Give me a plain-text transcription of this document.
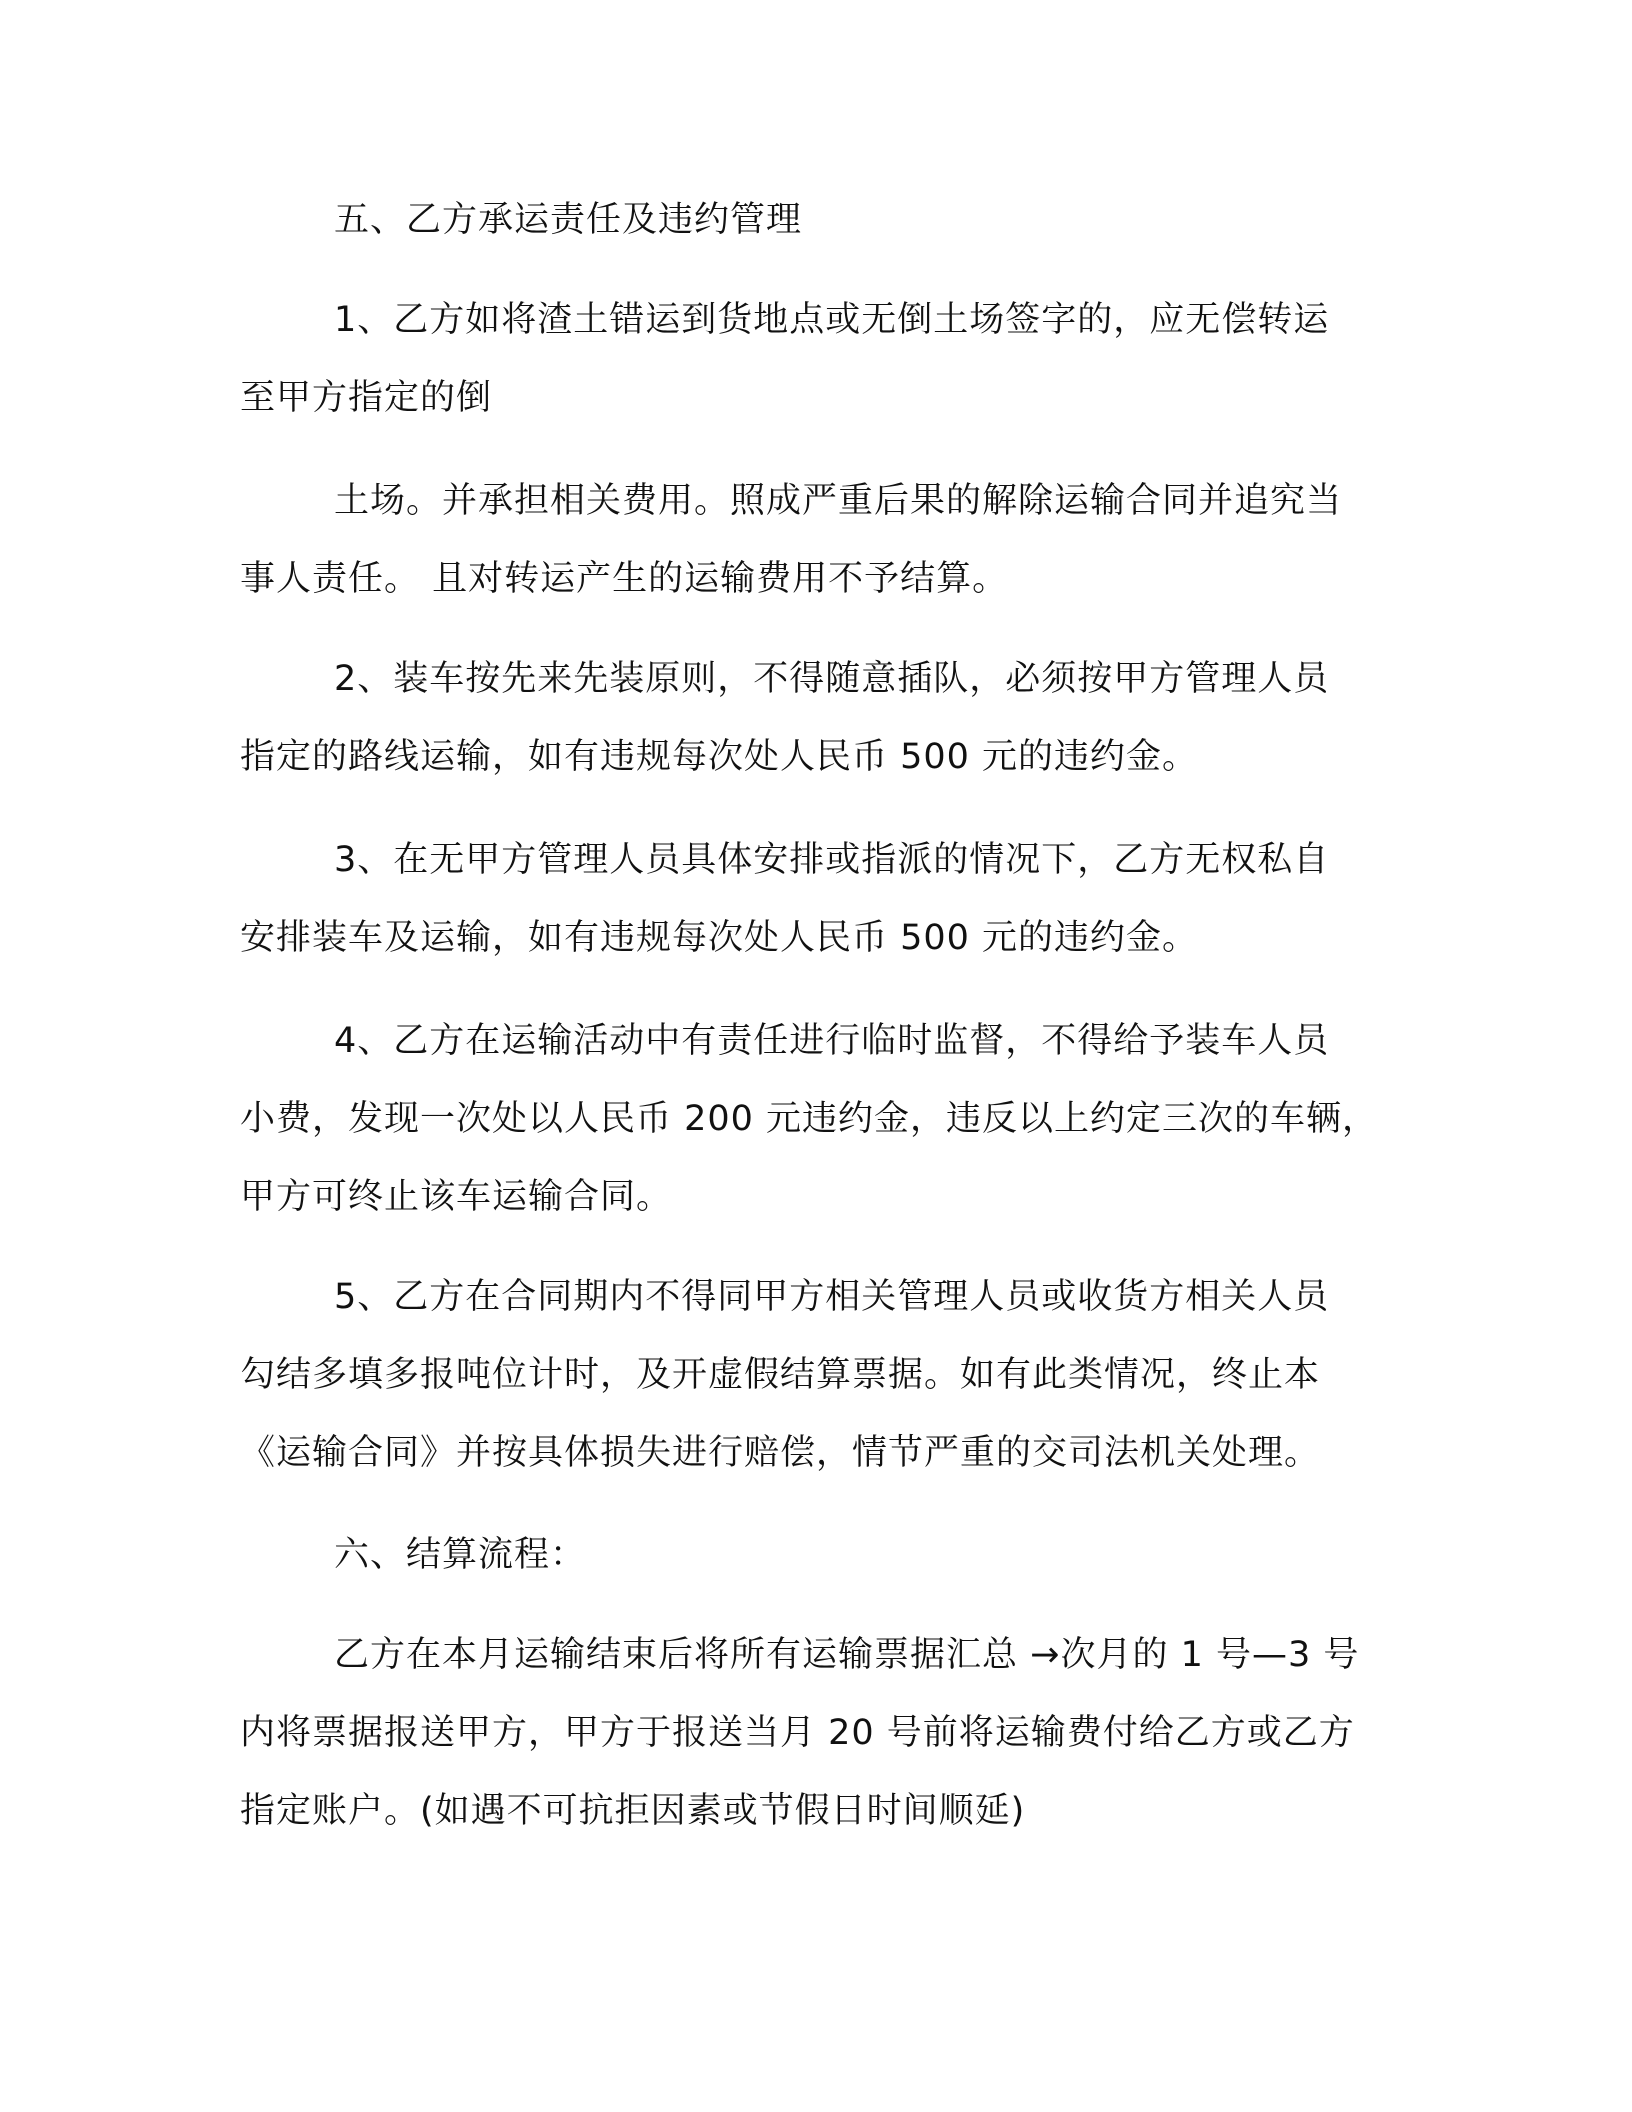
五、乙方承运责任及违约管理

1、乙方如将渣土错运到货地点或无倒土场签字的，应无偿转运

至甲方指定的倒

土场。并承担相关费用。照成严重后果的解除运输合同并追究当

事人责任。 且对转运产生的运输费用不予结算。

2、装车按先来先装原则，不得随意插队，必须按甲方管理人员

指定的路线运输，如有违规每次处人民币 500 元的违约金。

3、在无甲方管理人员具体安排或指派的情况下，乙方无权私自

安排装车及运输，如有违规每次处人民币 500 元的违约金。

4、乙方在运输活动中有责任进行临时监督，不得给予装车人员

小费，发现一次处以人民币 200 元违约金，违反以上约定三次的车辆，

甲方可终止该车运输合同。

5、乙方在合同期内不得同甲方相关管理人员或收货方相关人员

勾结多填多报吨位计时，及开虚假结算票据。如有此类情况，终止本

《运输合同》并按具体损失进行赔偿，情节严重的交司法机关处理。

六、结算流程：

乙方在本月运输结束后将所有运输票据汇总 →次月的 1 号—3 号

内将票据报送甲方，甲方于报送当月 20 号前将运输费付给乙方或乙方

指定账户。(如遇不可抗拒因素或节假日时间顺延)
